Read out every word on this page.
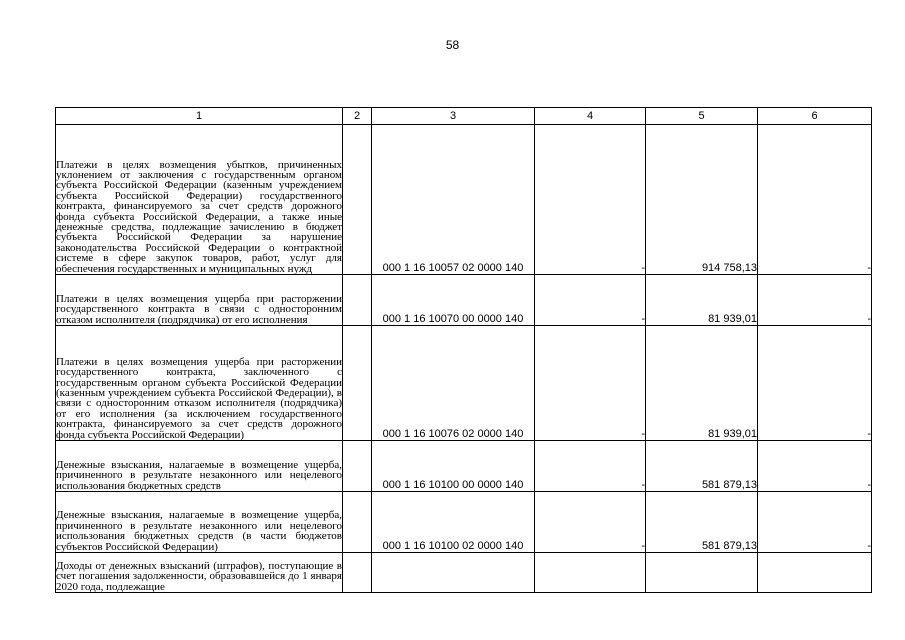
58
1	2	3	4	5	6
Платежи в целях возмещения убытков, причиненных уклонением от заключения с государственным органом субъекта Российской Федерации (казенным учреждением субъекта Российской Федерации) государственного контракта, финансируемого за счет средств дорожного фонда субъекта Российской Федерации, а также иные денежные средства, подлежащие зачислению в бюджет субъекта Российской Федерации за нарушение законодательства Российской Федерации о контрактной системе в сфере закупок товаров, работ, услуг для обеспечения государственных и муниципальных нужд		000 1 16 10057 02 0000 140	-	914 758,13	-
Платежи в целях возмещения ущерба при расторжении государственного контракта в связи с односторонним отказом исполнителя (подрядчика) от его исполнения		000 1 16 10070 00 0000 140	-	81 939,01	-
Платежи в целях возмещения ущерба при расторжении государственного контракта, заключенного с государственным органом субъекта Российской Федерации (казенным учреждением субъекта Российской Федерации), в связи с односторонним отказом исполнителя (подрядчика) от его исполнения (за исключением государственного контракта, финансируемого за счет средств дорожного фонда субъекта Российской Федерации)		000 1 16 10076 02 0000 140	-	81 939,01	-
Денежные взыскания, налагаемые в возмещение ущерба, причиненного в результате незаконного или нецелевого использования бюджетных средств		000 1 16 10100 00 0000 140	-	581 879,13	-
Денежные взыскания, налагаемые в возмещение ущерба, причиненного в результате незаконного или нецелевого использования бюджетных средств (в части бюджетов субъектов Российской Федерации)		000 1 16 10100 02 0000 140	-	581 879,13	-
Доходы от денежных взысканий (штрафов), поступающие в счет погашения задолженности, образовавшейся до 1 января 2020 года, подлежащие					
